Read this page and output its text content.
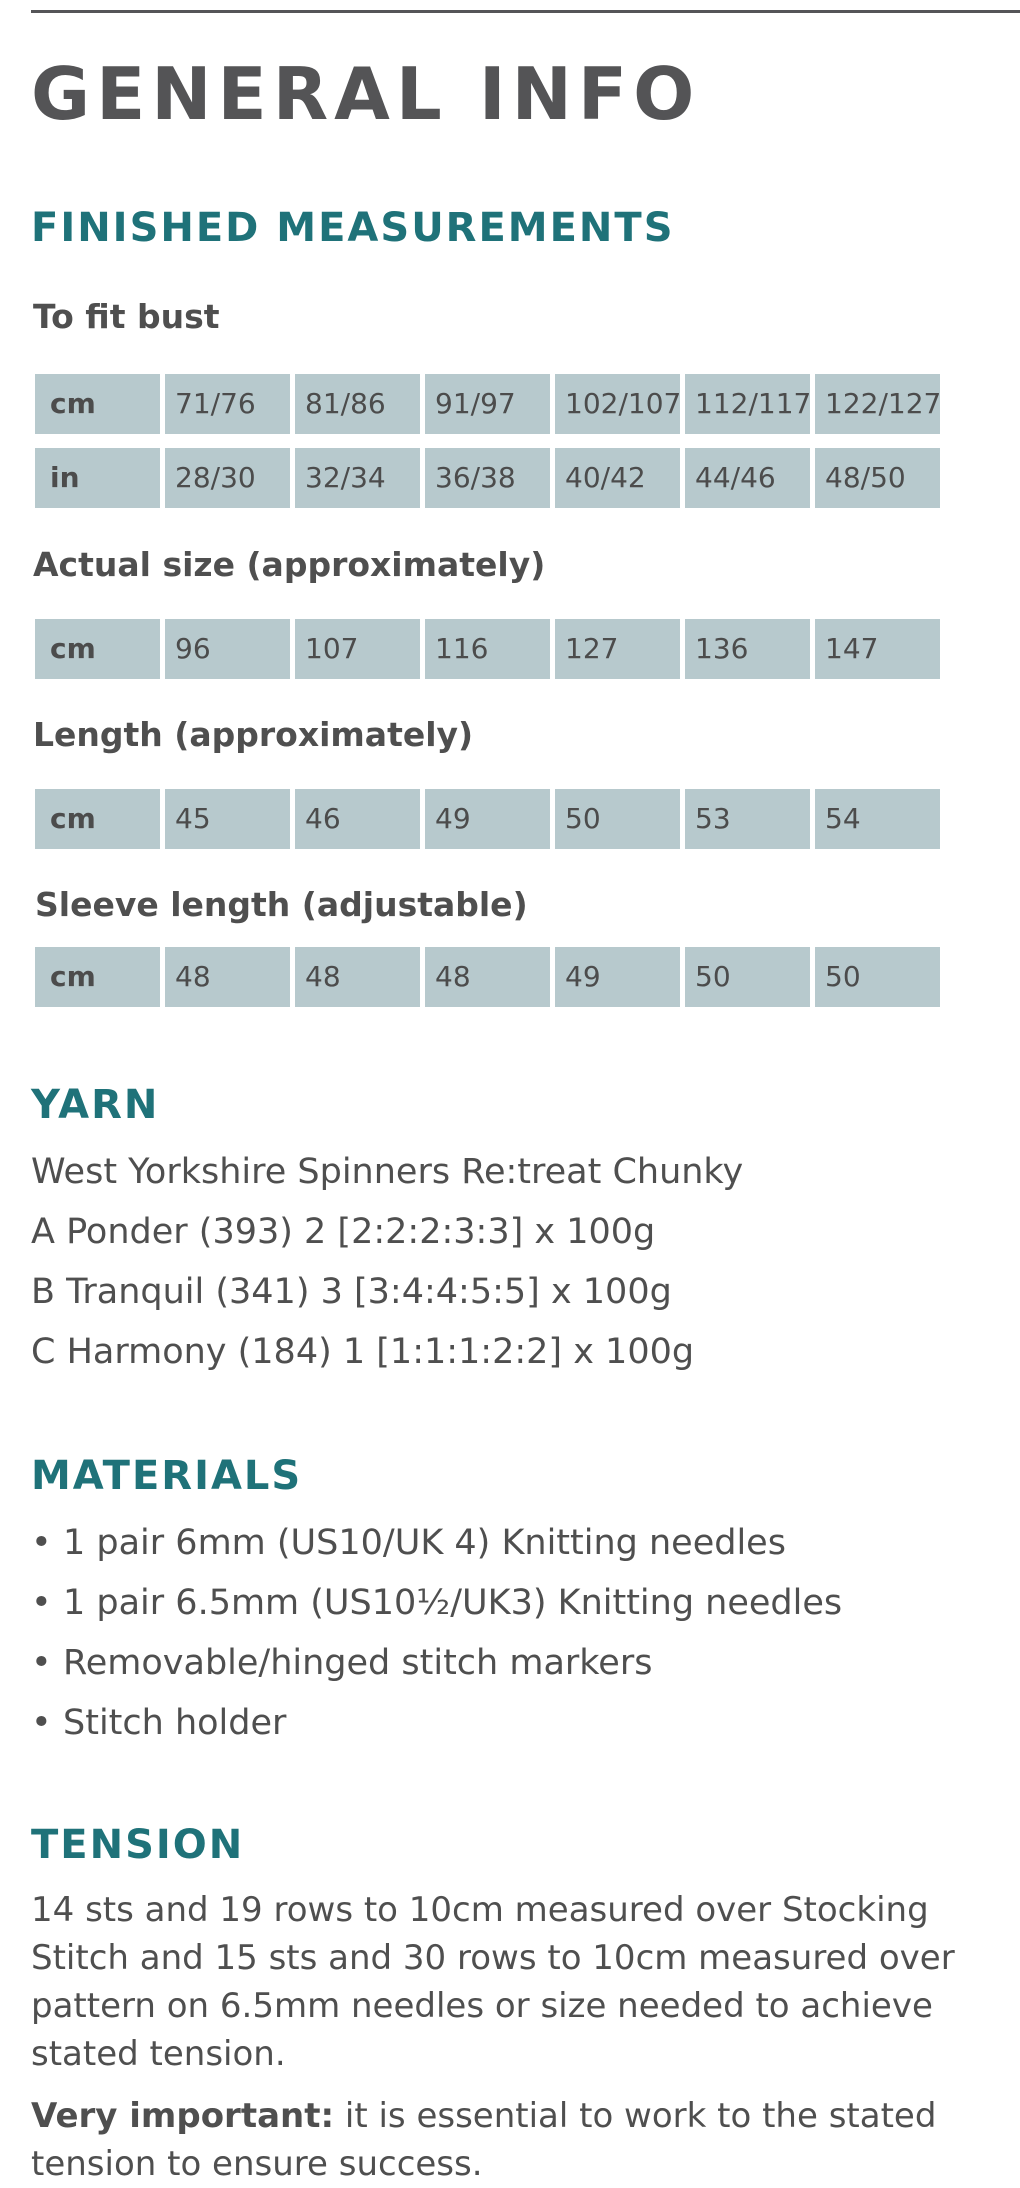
GENERAL INFO
FINISHED MEASUREMENTS
To fit bust
cm	71/76	81/86	91/97	102/107 112/117 122/127
in	28/30	32/34	36/38	40/42	44/46	48/50
Actual size (approximately)
cm	96	107	116	127	136	147
Length (approximately)
cm	45	46	49	50	53	54
Sleeve length (adjustable)
cm	48	48	48	49	50	50
YARN

West Yorkshire Spinners Re:treat Chunky

A Ponder (393) 2 [2:2:2:3:3] x 100g

B Tranquil (341) 3 [3:4:4:5:5] x 100g

C Harmony (184) 1 [1:1:1:2:2] x 100g

MATERIALS

• 1 pair 6mm (US10/UK 4) Knitting needles

• 1 pair 6.5mm (US10½/UK3) Knitting needles

• Removable/hinged stitch markers

• Stitch holder

TENSION

14 sts and 19 rows to 10cm measured over Stocking Stitch and 15 sts and 30 rows to 10cm measured over pattern on 6.5mm needles or size needed to achieve stated tension.

Very important: it is essential to work to the stated tension to ensure success.
